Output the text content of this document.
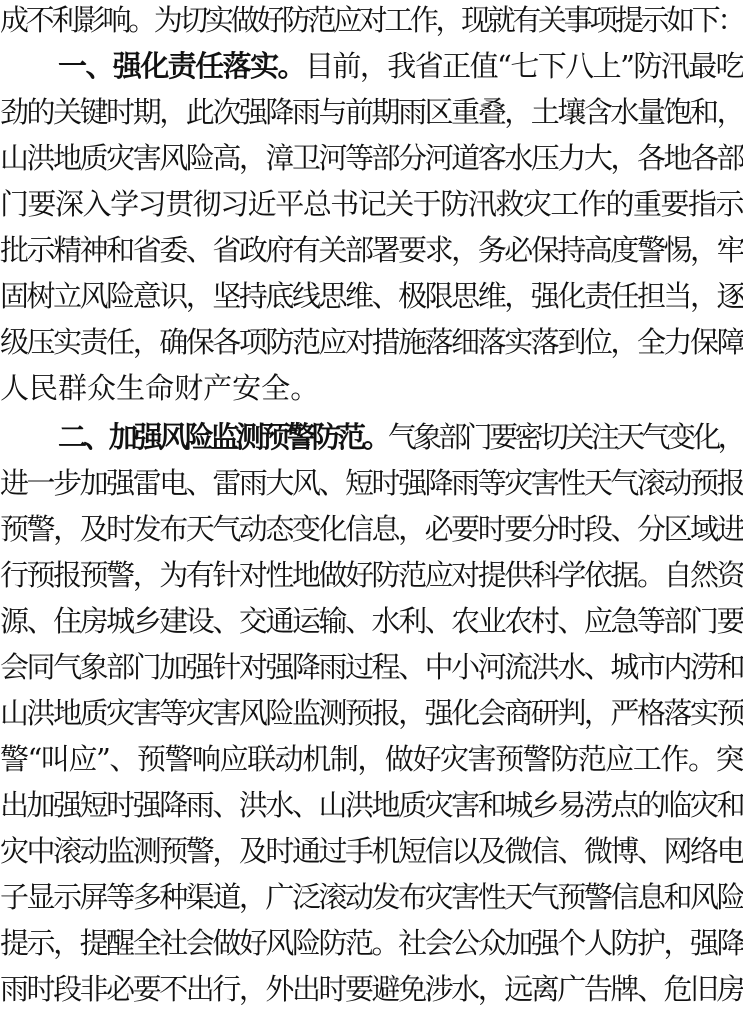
成不利影响。为切实做好防范应对工作，现就有关事项提示如下：
一、强化责任落实。目前，我省正值“七下八上”防汛最吃
劲的关键时期，此次强降雨与前期雨区重叠，土壤含水量饱和，
山洪地质灾害风险高，漳卫河等部分河道客水压力大，各地各部
门要深入学习贯彻习近平总书记关于防汛救灾工作的重要指示
批示精神和省委、省政府有关部署要求，务必保持高度警惕，牢
固树立风险意识，坚持底线思维、极限思维，强化责任担当，逐
级压实责任，确保各项防范应对措施落细落实落到位，全力保障
人民群众生命财产安全。
二、加强风险监测预警防范。气象部门要密切关注天气变化，
进一步加强雷电、雷雨大风、短时强降雨等灾害性天气滚动预报
预警，及时发布天气动态变化信息，必要时要分时段、分区域进
行预报预警，为有针对性地做好防范应对提供科学依据。自然资
源、住房城乡建设、交通运输、水利、农业农村、应急等部门要
会同气象部门加强针对强降雨过程、中小河流洪水、城市内涝和
山洪地质灾害等灾害风险监测预报，强化会商研判，严格落实预
警“叫应”、预警响应联动机制，做好灾害预警防范应工作。突
出加强短时强降雨、洪水、山洪地质灾害和城乡易涝点的临灾和
灾中滚动监测预警，及时通过手机短信以及微信、微博、网络电
子显示屏等多种渠道，广泛滚动发布灾害性天气预警信息和风险
提示，提醒全社会做好风险防范。社会公众加强个人防护，强降
雨时段非必要不出行，外出时要避免涉水，远离广告牌、危旧房
